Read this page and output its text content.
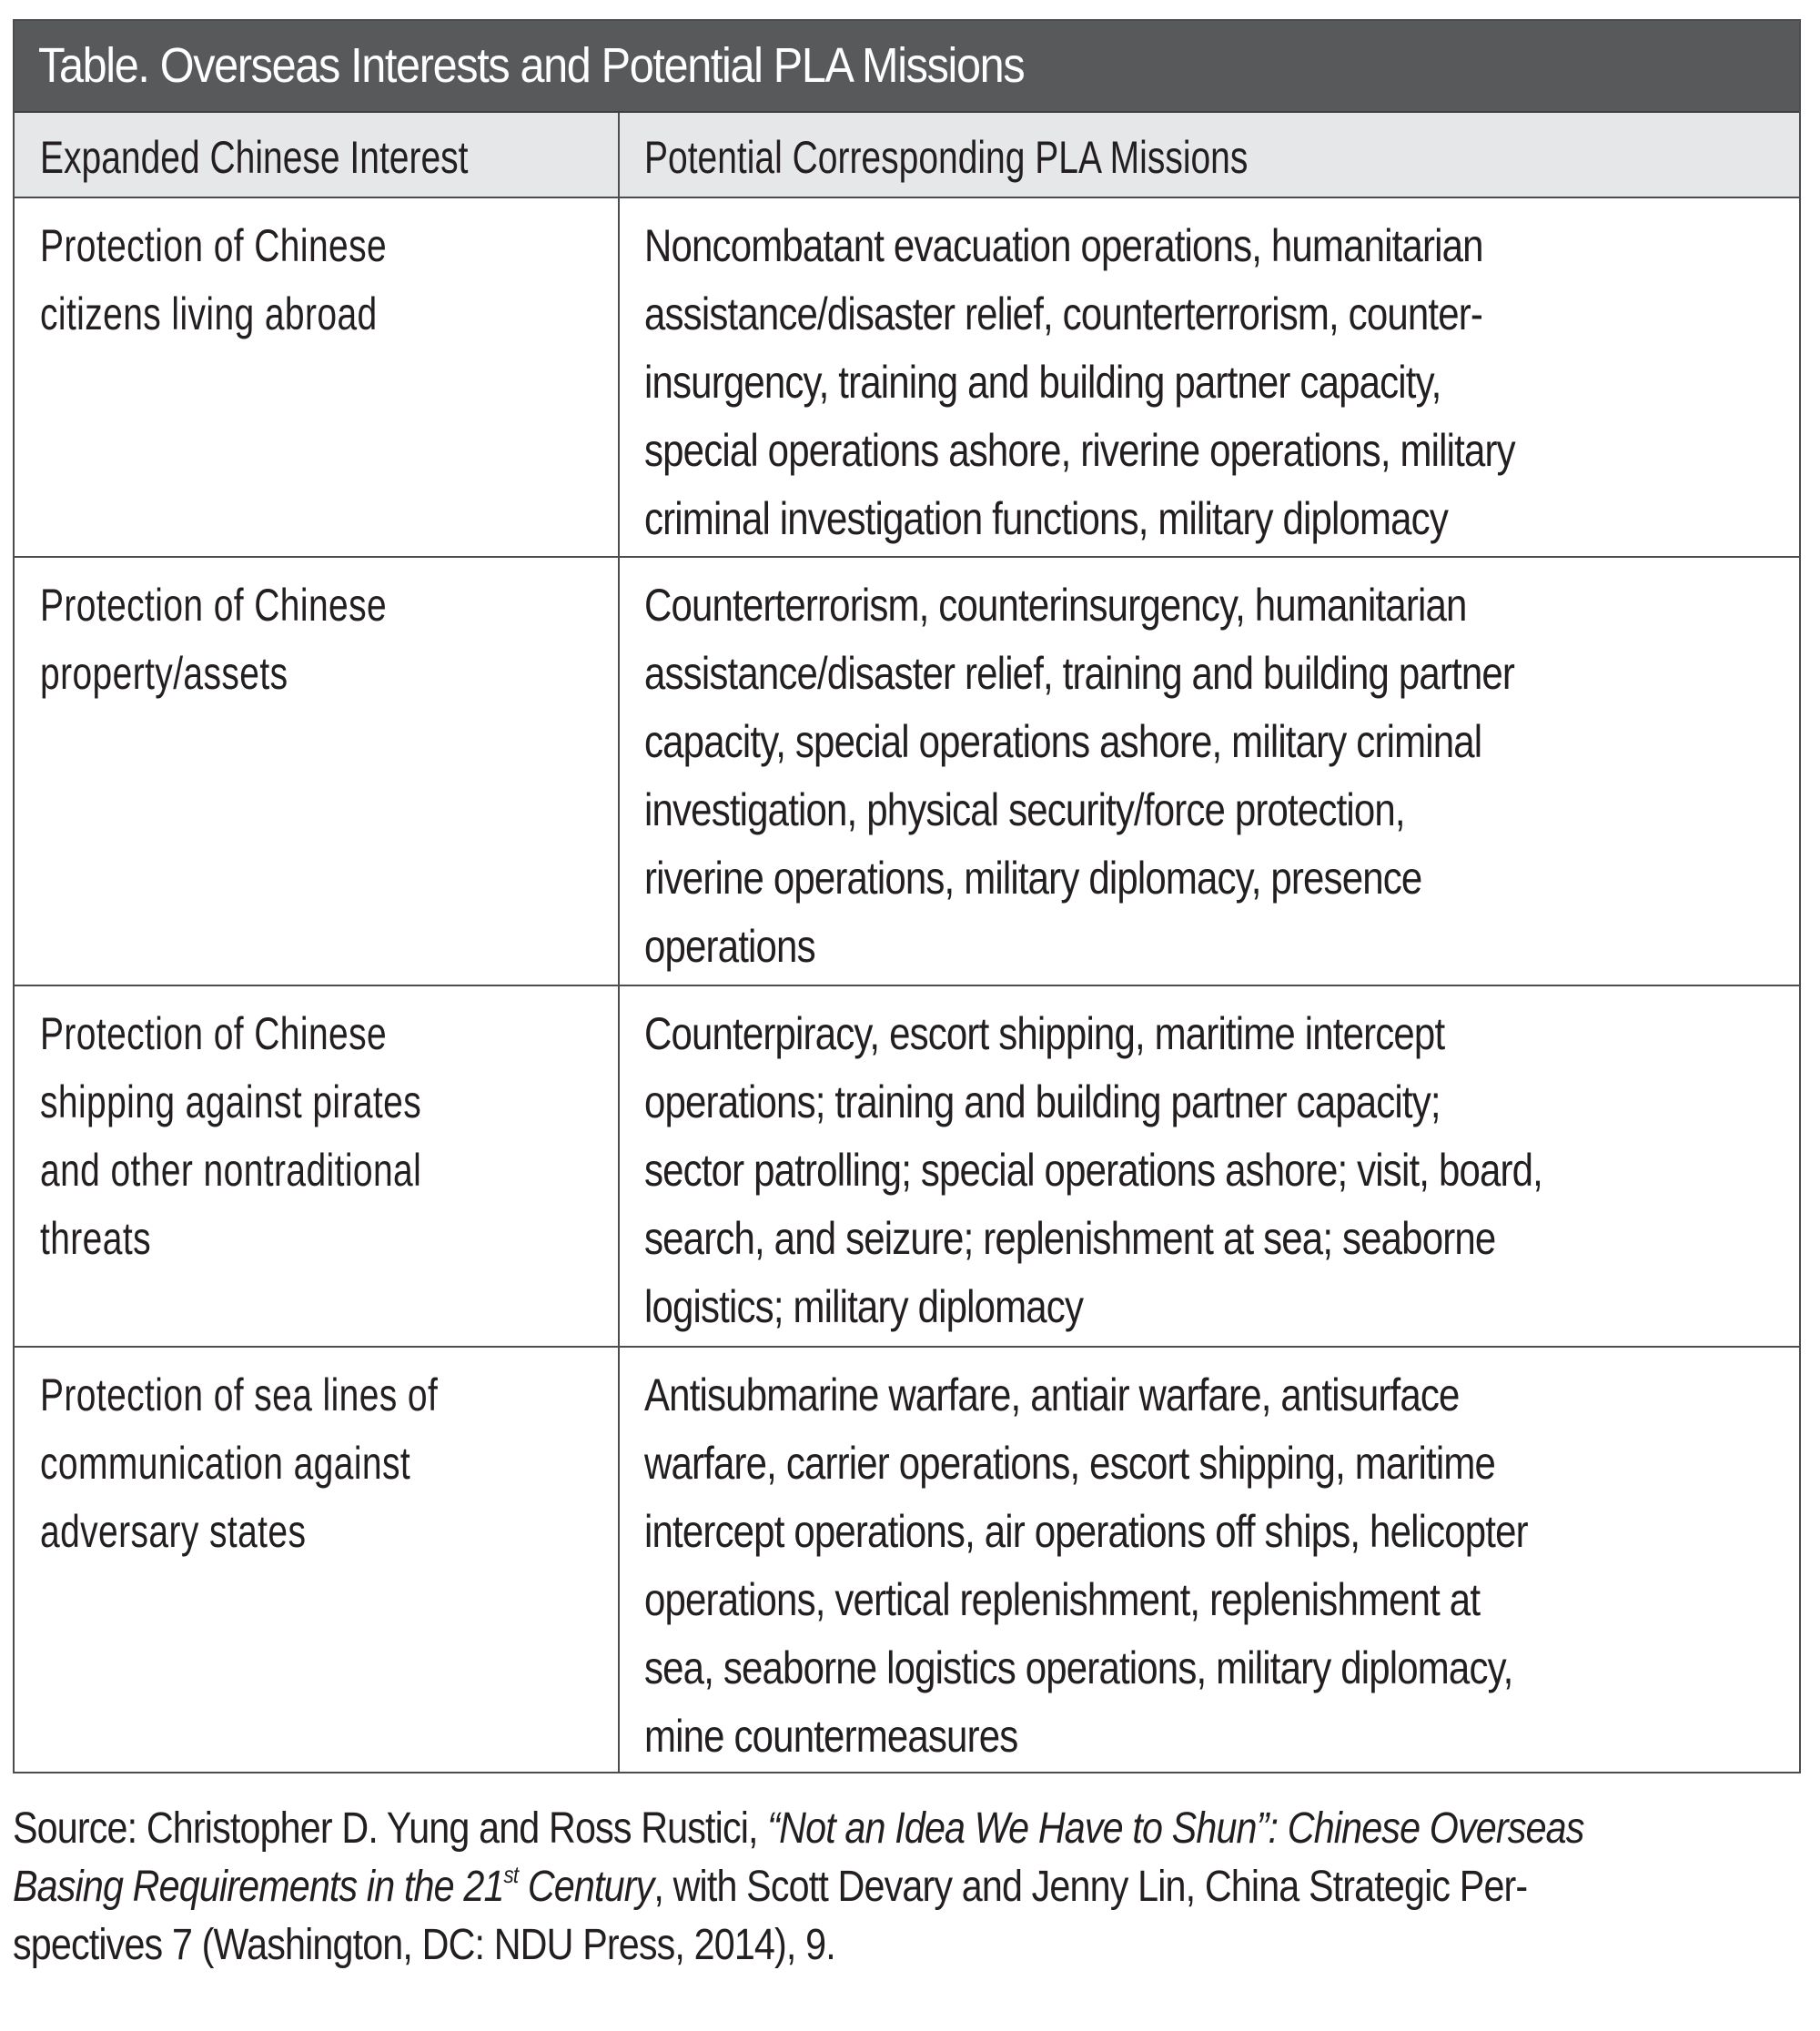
Table. Overseas Interests and Potential PLA Missions
Expanded Chinese Interest	Potential Corresponding PLA Missions
Protection of Chinese
citizens living abroad
Noncombatant evacuation operations, humanitarian
assistance/disaster relief, counterterrorism, counter-
insurgency, training and building partner capacity,
special operations ashore, riverine operations, military
criminal investigation functions, military diplomacy
Protection of Chinese
property/assets
Counterterrorism, counterinsurgency, humanitarian
assistance/disaster relief, training and building partner
capacity, special operations ashore, military criminal
investigation, physical security/force protection,
riverine operations, military diplomacy, presence
operations
Protection of Chinese
shipping against pirates
and other nontraditional
threats
Counterpiracy, escort shipping, maritime intercept
operations; training and building partner capacity;
sector patrolling; special operations ashore; visit, board,
search, and seizure; replenishment at sea; seaborne
logistics; military diplomacy
Protection of sea lines of
communication against
adversary states
Antisubmarine warfare, antiair warfare, antisurface
warfare, carrier operations, escort shipping, maritime
intercept operations, air operations off ships, helicopter
operations, vertical replenishment, replenishment at
sea, seaborne logistics operations, military diplomacy,
mine countermeasures
Source: Christopher D. Yung and Ross Rustici, “Not an Idea We Have to Shun”: Chinese Overseas
Basing Requirements in the 21st Century, with Scott Devary and Jenny Lin, China Strategic Per-
spectives 7 (Washington, DC: NDU Press, 2014), 9.
